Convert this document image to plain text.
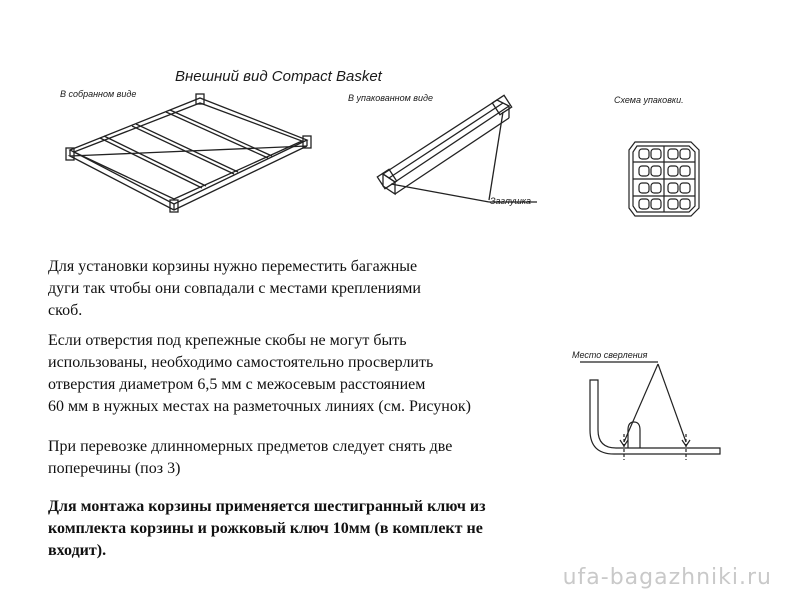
Внешний вид Compact Basket
В собранном виде	В упакованном виде
Заглушка
Схема упаковки.

Для установки корзины нужно переместить багажные
дуги так чтобы они совпадали с местами креплениями
скоб.

Если отверстия под крепежные скобы не могут быть
использованы, необходимо самостоятельно просверлить
отверстия диаметром 6,5 мм с межосевым расстоянием
60 мм в нужных местах на разметочных линиях (см. Рисунок)

При перевозке длинномерных предметов следует снять две
поперечины (поз 3)

Для монтажа корзины применяется шестигранный ключ из
комплекта корзины и рожковый ключ 10мм (в комплект не
входит).

Место сверления
ufa-bagazhniki.ru
